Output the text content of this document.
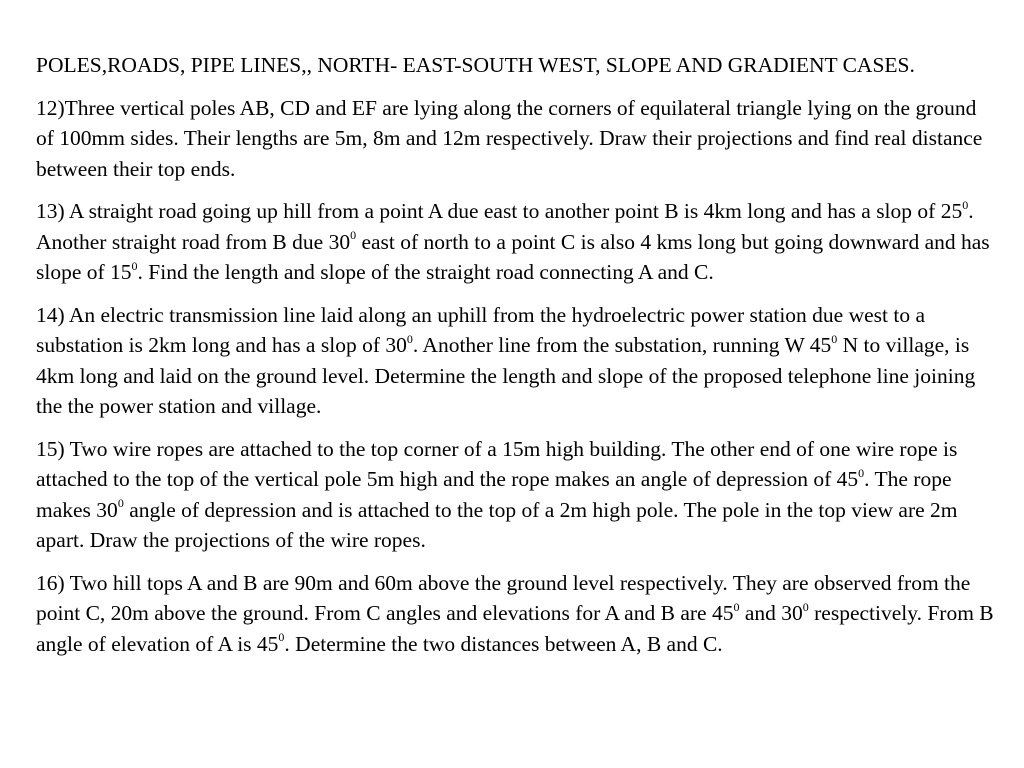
POLES,ROADS, PIPE LINES,, NORTH- EAST-SOUTH WEST, SLOPE AND GRADIENT CASES.

12)Three vertical poles AB, CD and EF are lying along the corners of equilateral triangle lying on the ground of 100mm sides. Their lengths are 5m, 8m and 12m respectively. Draw their projections and find real distance between their top ends.

13) A straight road going up hill from a point A due east to another point B is 4km long and has a slop of $25^0$. Another straight road from B due $30^0$ east of north to a point C is also 4 kms long but going downward and has slope of $15^0$. Find the length and slope of the straight road connecting A and C.

14) An electric transmission line laid along an uphill from the hydroelectric power station due west to a substation is 2km long and has a slop of $30^0$. Another line from the substation, running W $45^0$ N to village, is 4km long and laid on the ground level. Determine the length and slope of the proposed telephone line joining the the power station and village.

15) Two wire ropes are attached to the top corner of a 15m high building. The other end of one wire rope is attached to the top of the vertical pole 5m high and the rope makes an angle of depression of $45^0$. The rope makes $30^0$ angle of depression and is attached to the top of a 2m high pole. The pole in the top view are 2m apart. Draw the projections of the wire ropes.

16) Two hill tops A and B are 90m and 60m above the ground level respectively. They are observed from the point C, 20m above the ground. From C angles and elevations for A and B are $45^0$ and $30^0$ respectively. From B angle of elevation of A is $45^0$. Determine the two distances between A, B and C.
